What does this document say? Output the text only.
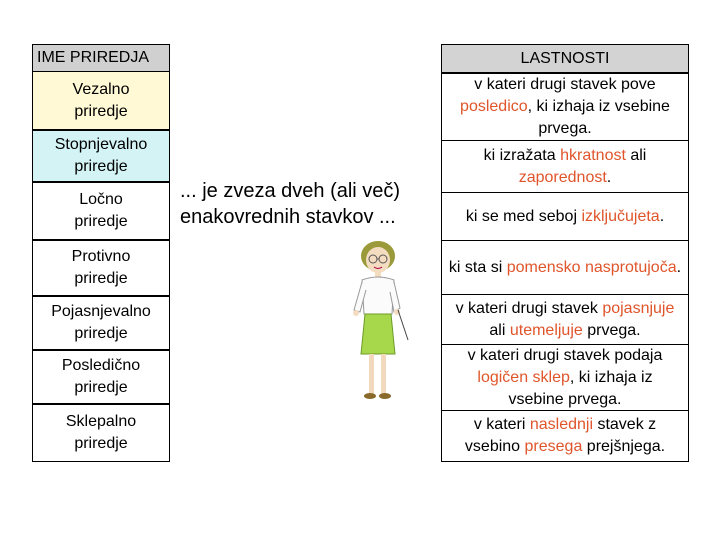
IME PRIREDJA
Vezalno
priredje
Stopnjevalno
priredje
Ločno
priredje
Protivno
priredje
Pojasnjevalno
priredje
Posledično
priredje
Sklepalno
priredje
LASTNOSTI
v kateri drugi stavek pove posledico, ki izhaja iz vsebine prvega.
ki izražata hkratnost ali zaporednost.
ki se med seboj izključujeta.
ki sta si pomensko nasprotujoča.
v kateri drugi stavek pojasnjuje ali utemeljuje prvega.
v kateri drugi stavek podaja logičen sklep, ki izhaja iz vsebine prvega.
v kateri naslednji stavek z vsebino presega prejšnjega.
... je zveza dveh (ali več)
enakovrednih stavkov ...
